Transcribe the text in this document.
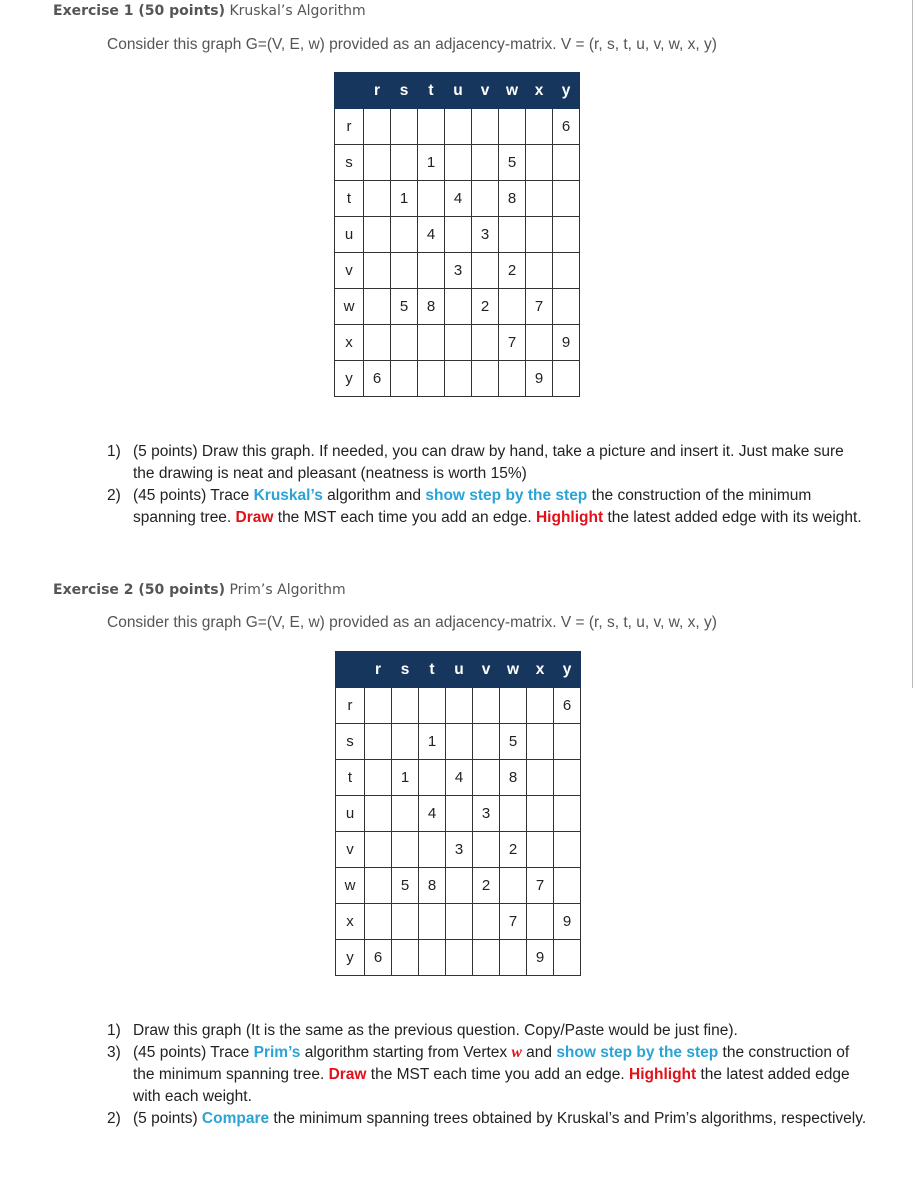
Exercise 1 (50 points) Kruskal’s Algorithm
Consider this graph G=(V, E, w) provided as an adjacency-matrix. V = (r, s, t, u, v, w, x, y)
	r	s	t	u	v	w	x	y
r								6
s			1			5		
t		1		4		8		
u			4		3			
v				3		2		
w		5	8		2		7	
x						7		9
y	6						9	
1) (5 points) Draw this graph. If needed, you can draw by hand, take a picture and insert it. Just make sure the drawing is neat and pleasant (neatness is worth 15%)
2) (45 points) Trace Kruskal’s algorithm and show step by the step the construction of the minimum spanning tree. Draw the MST each time you add an edge. Highlight the latest added edge with its weight.
Exercise 2 (50 points) Prim’s Algorithm
Consider this graph G=(V, E, w) provided as an adjacency-matrix. V = (r, s, t, u, v, w, x, y)
	r	s	t	u	v	w	x	y
r								6
s			1			5		
t		1		4		8		
u			4		3			
v				3		2		
w		5	8		2		7	
x						7		9
y	6						9	
1) Draw this graph (It is the same as the previous question. Copy/Paste would be just fine).
3) (45 points) Trace Prim’s algorithm starting from Vertex w and show step by the step the construction of the minimum spanning tree. Draw the MST each time you add an edge. Highlight the latest added edge with each weight.
2) (5 points) Compare the minimum spanning trees obtained by Kruskal’s and Prim’s algorithms, respectively.
